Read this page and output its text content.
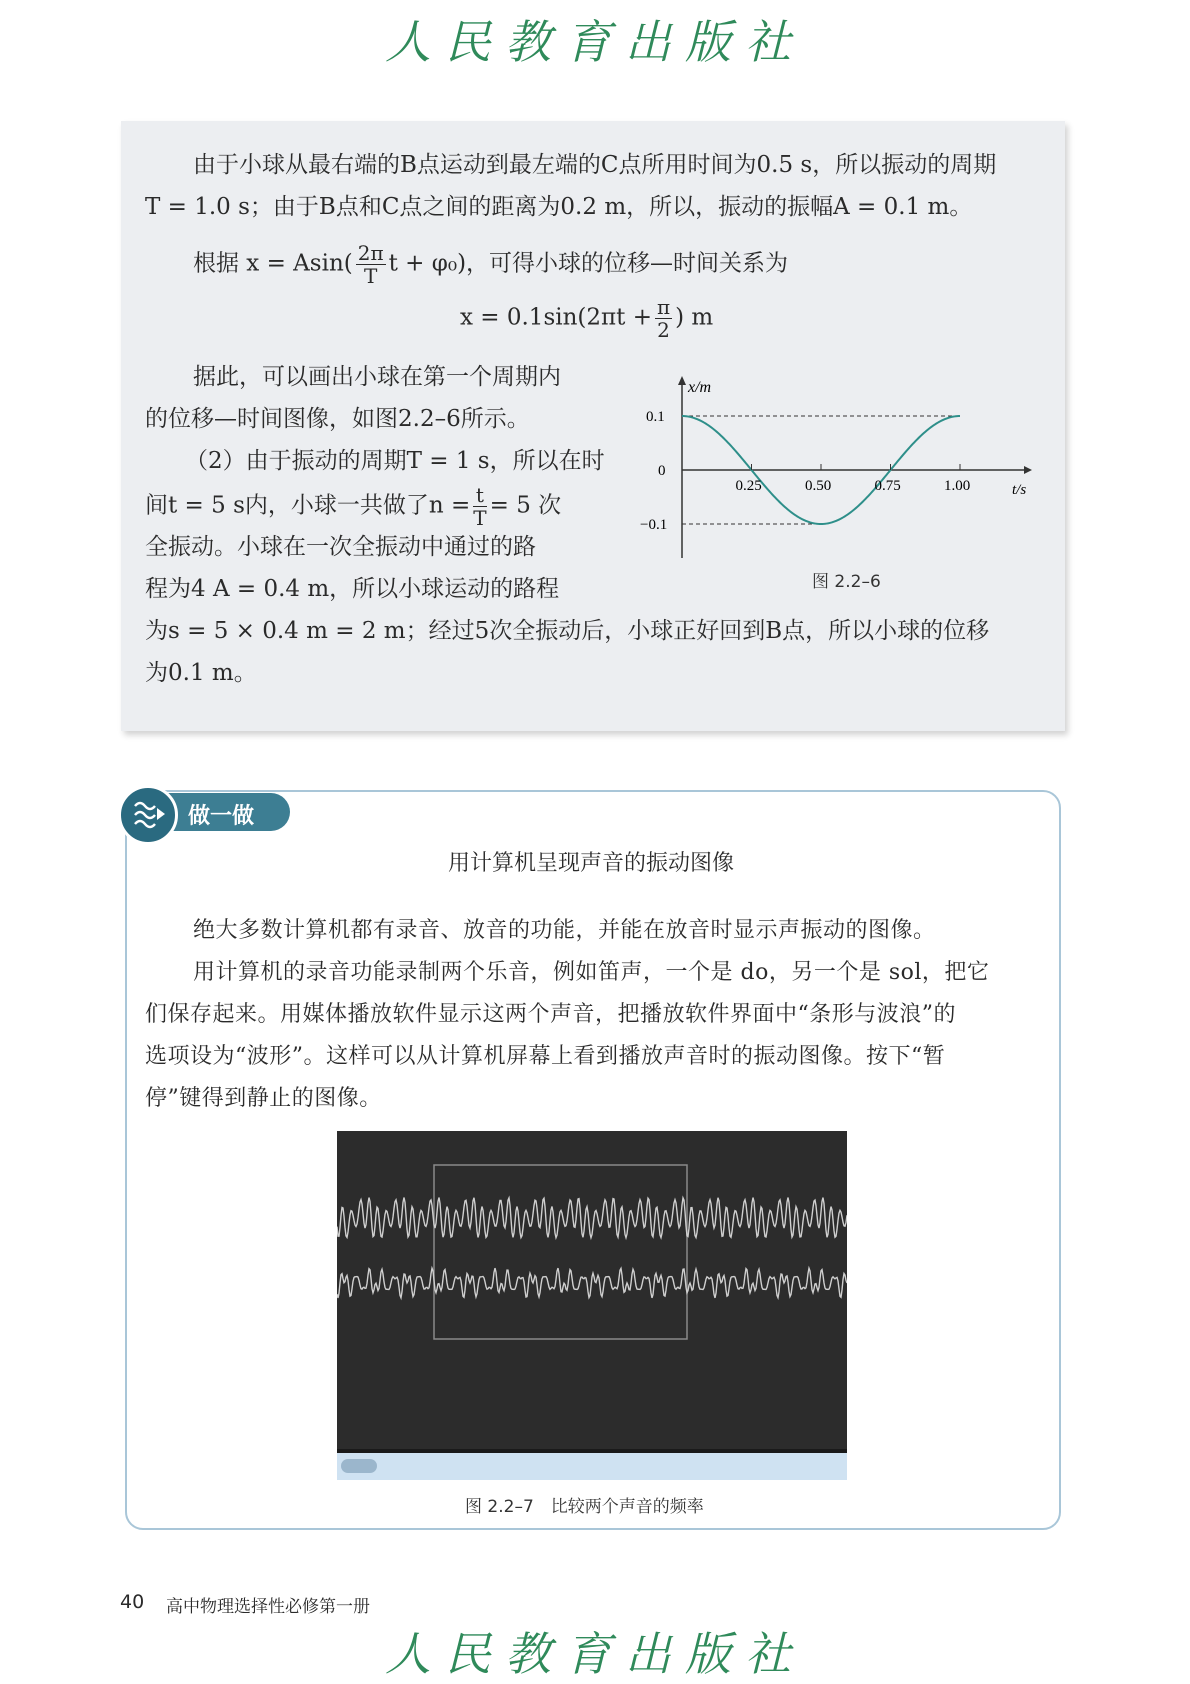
人民教育出版社
由于小球从最右端的B点运动到最左端的C点所用时间为0.5 s，所以振动的周期
T = 1.0 s；由于B点和C点之间的距离为0.2 m，所以，振动的振幅A = 0.1 m。
根据 $x = Asin( \frac{2\pi}{T}$ t + φ₀)，可得小球的位移—时间关系为
$x = 0.1\sin(2\pi t + \frac{\pi}{2}$ ) m
据此，可以画出小球在第一个周期内
的位移—时间图像，如图2.2–6所示。
（2）由于振动的周期T = 1 s，所以在时
间t = 5 s内，小球一共做了$n = \frac{t}{T} = 5$ 次
全振动。小球在一次全振动中通过的路
程为4 A = 0.4 m，所以小球运动的路程
为s = 5 × 0.4 m = 2 m；经过5次全振动后，小球正好回到B点，所以小球的位移
为0.1 m。
0.25	0.50	0.75	1.00
0.1
0
−0.1
x/m
t/s
图 2.2–6
做一做
用计算机呈现声音的振动图像
绝大多数计算机都有录音、放音的功能，并能在放音时显示声振动的图像。
用计算机的录音功能录制两个乐音，例如笛声，一个是 do，另一个是 sol，把它
们保存起来。用媒体播放软件显示这两个声音，把播放软件界面中“条形与波浪”的
选项设为“波形”。这样可以从计算机屏幕上看到播放声音时的振动图像。按下“暂
停”键得到静止的图像。
图 2.2–7　比较两个声音的频率
40 高中物理选择性必修第一册
人民教育出版社
